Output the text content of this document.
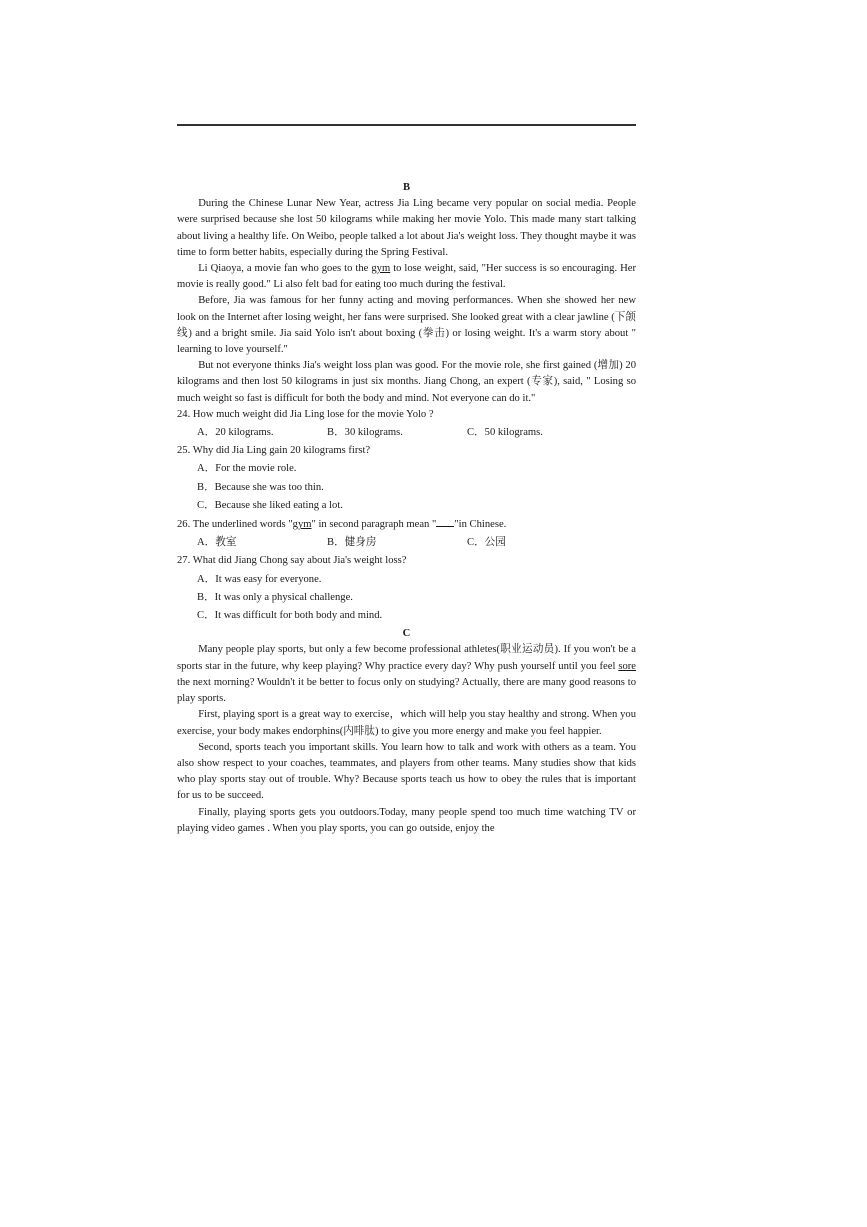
B

During the Chinese Lunar New Year, actress Jia Ling became very popular on social media. People were surprised because she lost 50 kilograms while making her movie Yolo. This made many start talking about living a healthy life. On Weibo, people talked a lot about Jia's weight loss. They thought maybe it was time to form better habits, especially during the Spring Festival.

Li Qiaoya, a movie fan who goes to the gym to lose weight, said, "Her success is so encouraging. Her movie is really good." Li also felt bad for eating too much during the festival.

Before, Jia was famous for her funny acting and moving performances. When she showed her new look on the Internet after losing weight, her fans were surprised. She looked great with a clear jawline (下颌线) and a bright smile. Jia said Yolo isn't about boxing (拳击) or losing weight. It's a warm story about " learning to love yourself."

But not everyone thinks Jia's weight loss plan was good. For the movie role, she first gained (增加) 20 kilograms and then lost 50 kilograms in just six months. Jiang Chong, an expert (专家), said, " Losing so much weight so fast is difficult for both the body and mind. Not everyone can do it."

24. How much weight did Jia Ling lose for the movie Yolo ?
A．20 kilograms.	B．30 kilograms.	C．50 kilograms.
25. Why did Jia Ling gain 20 kilograms first?
A．For the movie role.
B．Because she was too thin.
C．Because she liked eating a lot.
26. The underlined words "gym" in second paragraph mean " "in Chinese.
A．教室	B．健身房	C．公园
27. What did Jiang Chong say about Jia's weight loss?
A．It was easy for everyone.
B．It was only a physical challenge.
C．It was difficult for both body and mind.
C

Many people play sports, but only a few become professional athletes(职业运动员). If you won't be a sports star in the future, why keep playing? Why practice every day? Why push yourself until you feel sore the next morning? Wouldn't it be better to focus only on studying? Actually, there are many good reasons to play sports.

First, playing sport is a great way to exercise，which will help you stay healthy and strong. When you exercise, your body makes endorphins(内啡肽) to give you more energy and make you feel happier.

Second, sports teach you important skills. You learn how to talk and work with others as a team. You also show respect to your coaches, teammates, and players from other teams. Many studies show that kids who play sports stay out of trouble. Why? Because sports teach us how to obey the rules that is important for us to be succeed.

Finally, playing sports gets you outdoors.Today, many people spend too much time watching TV or playing video games . When you play sports, you can go outside, enjoy the
